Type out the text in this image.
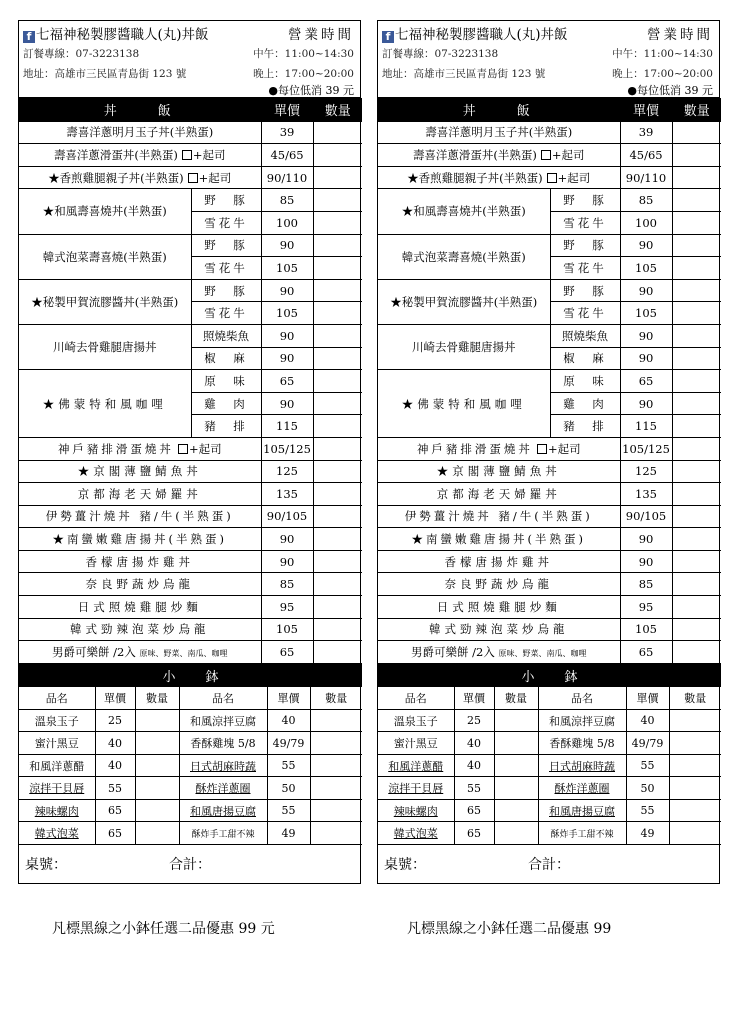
f 七福神秘製膠醬職人(丸)丼飯	營業時間
訂餐專線：07-3223138	中午：11:00~14:30
地址：高雄市三民區青島街 123 號	晚上：17:00~20:00
●每位低消 39 元
丼　　飯		單價	數量
壽喜洋蔥明月玉子丼(半熟蛋)		39	
壽喜洋蔥滑蛋丼(半熟蛋) +起司		45/65	
★香煎雞腿親子丼(半熟蛋) +起司		90/110	
★和風壽喜燒丼(半熟蛋)	野　豚	85	
	雪花牛	100	
韓式泡菜壽喜燒(半熟蛋)	野　豚	90	
	雪花牛	105	
★秘製甲賀流膠醬丼(半熟蛋)	野　豚	90	
	雪花牛	105	
川崎去骨雞腿唐揚丼	照燒柴魚	90	
	椒　麻	90	
★佛蒙特和風咖哩	原　味	65	
	雞　肉	90	
	豬　排	115	
神戶豬排滑蛋燒丼 +起司		105/125	
★京閣薄鹽鯖魚丼		125	
京都海老天婦羅丼		135	
伊勢薑汁燒丼 豬/牛(半熟蛋)		90/105	
★南蠻嫩雞唐揚丼(半熟蛋)		90	
香檬唐揚炸雞丼		90	
奈良野蔬炒烏龍		85	
日式照燒雞腿炒麵		95	
韓式勁辣泡菜炒烏龍		105	
男爵可樂餅 /2入 原味、野菜、南瓜、咖哩		65	
小鉢					
品名	單價	數量	品名	單價	數量
溫泉玉子	25		和風涼拌豆腐	40	
蜜汁黑豆	40		香酥雞塊 5/8	49/79	
和風洋蔥醋	40		日式胡麻時蔬	55	
涼拌干貝唇	55		酥炸洋蔥圈	50	
辣味螺肉	65		和風唐揚豆腐	55	
韓式泡菜	65		酥炸手工甜不辣	49	
桌號：	合計：
f 七福神秘製膠醬職人(丸)丼飯	營業時間
訂餐專線：07-3223138	中午：11:00~14:30
地址：高雄市三民區青島街 123 號	晚上：17:00~20:00
●每位低消 39 元
丼　　飯		單價	數量
壽喜洋蔥明月玉子丼(半熟蛋)		39	
壽喜洋蔥滑蛋丼(半熟蛋) +起司		45/65	
★香煎雞腿親子丼(半熟蛋) +起司		90/110	
★和風壽喜燒丼(半熟蛋)	野　豚	85	
	雪花牛	100	
韓式泡菜壽喜燒(半熟蛋)	野　豚	90	
	雪花牛	105	
★秘製甲賀流膠醬丼(半熟蛋)	野　豚	90	
	雪花牛	105	
川崎去骨雞腿唐揚丼	照燒柴魚	90	
	椒　麻	90	
★佛蒙特和風咖哩	原　味	65	
	雞　肉	90	
	豬　排	115	
神戶豬排滑蛋燒丼 +起司		105/125	
★京閣薄鹽鯖魚丼		125	
京都海老天婦羅丼		135	
伊勢薑汁燒丼 豬/牛(半熟蛋)		90/105	
★南蠻嫩雞唐揚丼(半熟蛋)		90	
香檬唐揚炸雞丼		90	
奈良野蔬炒烏龍		85	
日式照燒雞腿炒麵		95	
韓式勁辣泡菜炒烏龍		105	
男爵可樂餅 /2入 原味、野菜、南瓜、咖哩		65	
小鉢					
品名	單價	數量	品名	單價	數量
溫泉玉子	25		和風涼拌豆腐	40	
蜜汁黑豆	40		香酥雞塊 5/8	49/79	
和風洋蔥醋	40		日式胡麻時蔬	55	
涼拌干貝唇	55		酥炸洋蔥圈	50	
辣味螺肉	65		和風唐揚豆腐	55	
韓式泡菜	65		酥炸手工甜不辣	49	
桌號：	合計：
凡標黑線之小鉢任選二品優惠 99 元	凡標黑線之小鉢任選二品優惠 99
